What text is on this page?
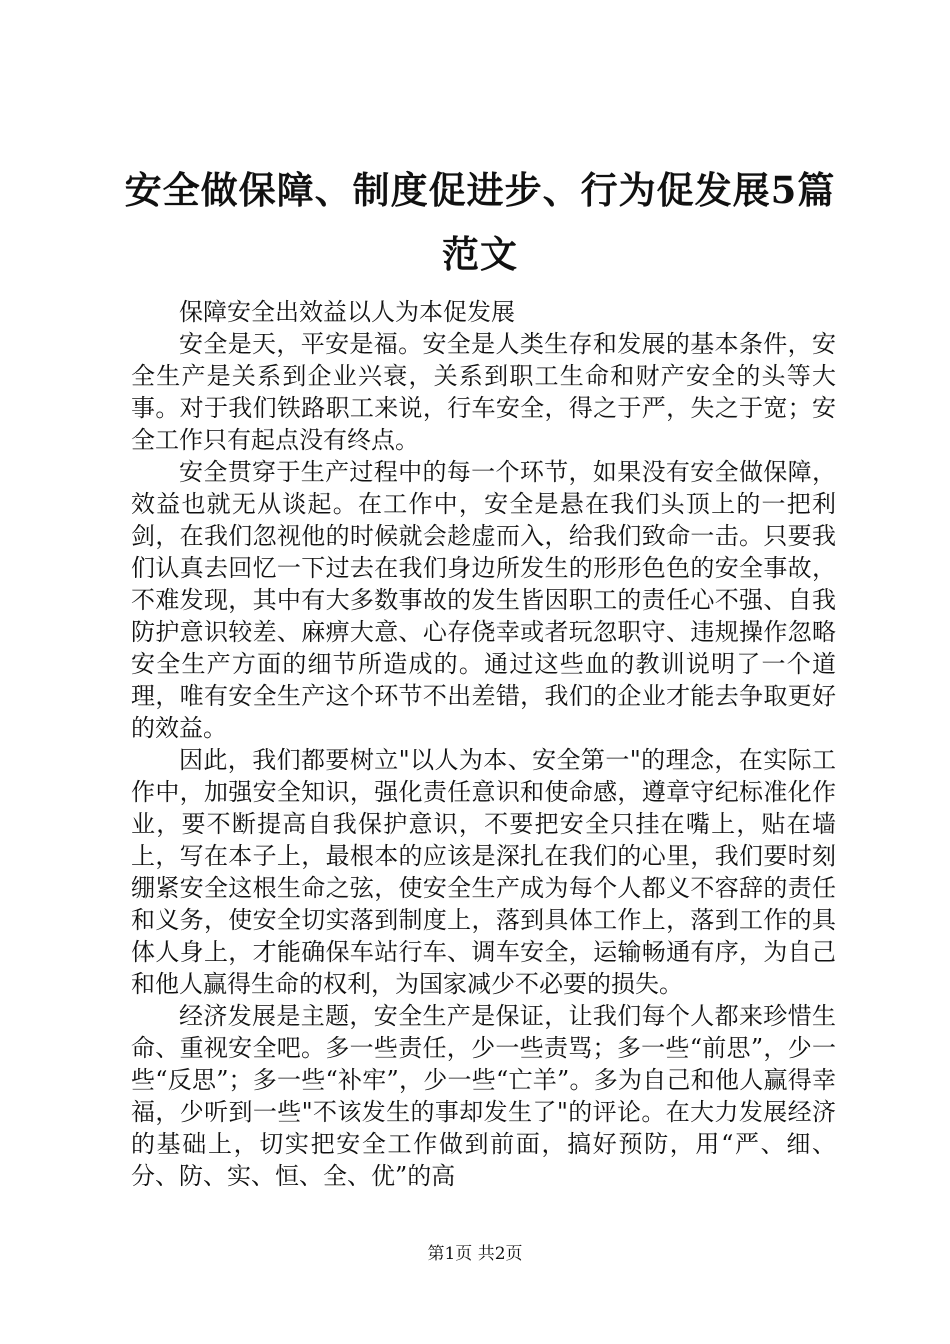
安全做保障、制度促进步、行为促发展5篇范文

保障安全出效益以人为本促发展

安全是天，平安是福。安全是人类生存和发展的基本条件，安全生产是关系到企业兴衰，关系到职工生命和财产安全的头等大事。对于我们铁路职工来说，行车安全，得之于严，失之于宽；安全工作只有起点没有终点。

安全贯穿于生产过程中的每一个环节，如果没有安全做保障，效益也就无从谈起。在工作中，安全是悬在我们头顶上的一把利剑，在我们忽视他的时候就会趁虚而入，给我们致命一击。只要我们认真去回忆一下过去在我们身边所发生的形形色色的安全事故，不难发现，其中有大多数事故的发生皆因职工的责任心不强、自我防护意识较差、麻痹大意、心存侥幸或者玩忽职守、违规操作忽略安全生产方面的细节所造成的。通过这些血的教训说明了一个道理，唯有安全生产这个环节不出差错，我们的企业才能去争取更好的效益。

因此，我们都要树立"以人为本、安全第一"的理念，在实际工作中，加强安全知识，强化责任意识和使命感，遵章守纪标准化作业，要不断提高自我保护意识，不要把安全只挂在嘴上，贴在墙上，写在本子上，最根本的应该是深扎在我们的心里，我们要时刻绷紧安全这根生命之弦，使安全生产成为每个人都义不容辞的责任和义务，使安全切实落到制度上，落到具体工作上，落到工作的具体人身上，才能确保车站行车、调车安全，运输畅通有序，为自己和他人赢得生命的权利，为国家减少不必要的损失。

经济发展是主题，安全生产是保证，让我们每个人都来珍惜生命、重视安全吧。多一些责任，少一些责骂；多一些“前思”，少一些“反思”；多一些“补牢”，少一些“亡羊”。多为自己和他人赢得幸福，少听到一些"不该发生的事却发生了"的评论。在大力发展经济的基础上，切实把安全工作做到前面，搞好预防，用“严、细、分、防、实、恒、全、优”的高

第1页 共2页
